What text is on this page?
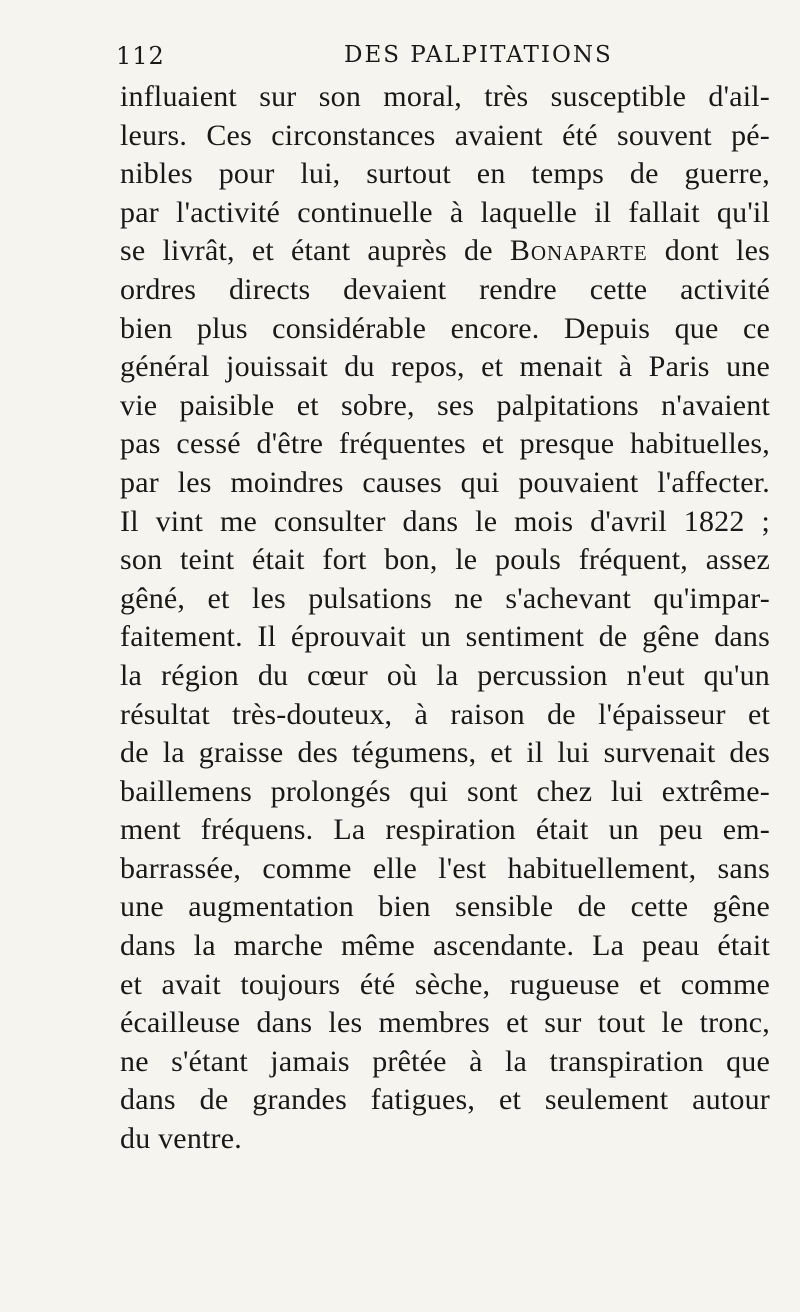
112	DES PALPITATIONS
influaient sur son moral, très susceptible d'ail-
leurs. Ces circonstances avaient été souvent pé-
nibles pour lui, surtout en temps de guerre,
par l'activité continuelle à laquelle il fallait qu'il
se livrât, et étant auprès de Bonaparte dont les
ordres directs devaient rendre cette activité
bien plus considérable encore. Depuis que ce
général jouissait du repos, et menait à Paris une
vie paisible et sobre, ses palpitations n'avaient
pas cessé d'être fréquentes et presque habituelles,
par les moindres causes qui pouvaient l'affecter.
Il vint me consulter dans le mois d'avril 1822 ;
son teint était fort bon, le pouls fréquent, assez
gêné, et les pulsations ne s'achevant qu'impar-
faitement. Il éprouvait un sentiment de gêne dans
la région du cœur où la percussion n'eut qu'un
résultat très-douteux, à raison de l'épaisseur et
de la graisse des tégumens, et il lui survenait des
baillemens prolongés qui sont chez lui extrême-
ment fréquens. La respiration était un peu em-
barrassée, comme elle l'est habituellement, sans
une augmentation bien sensible de cette gêne
dans la marche même ascendante. La peau était
et avait toujours été sèche, rugueuse et comme
écailleuse dans les membres et sur tout le tronc,
ne s'étant jamais prêtée à la transpiration que
dans de grandes fatigues, et seulement autour
du ventre.
